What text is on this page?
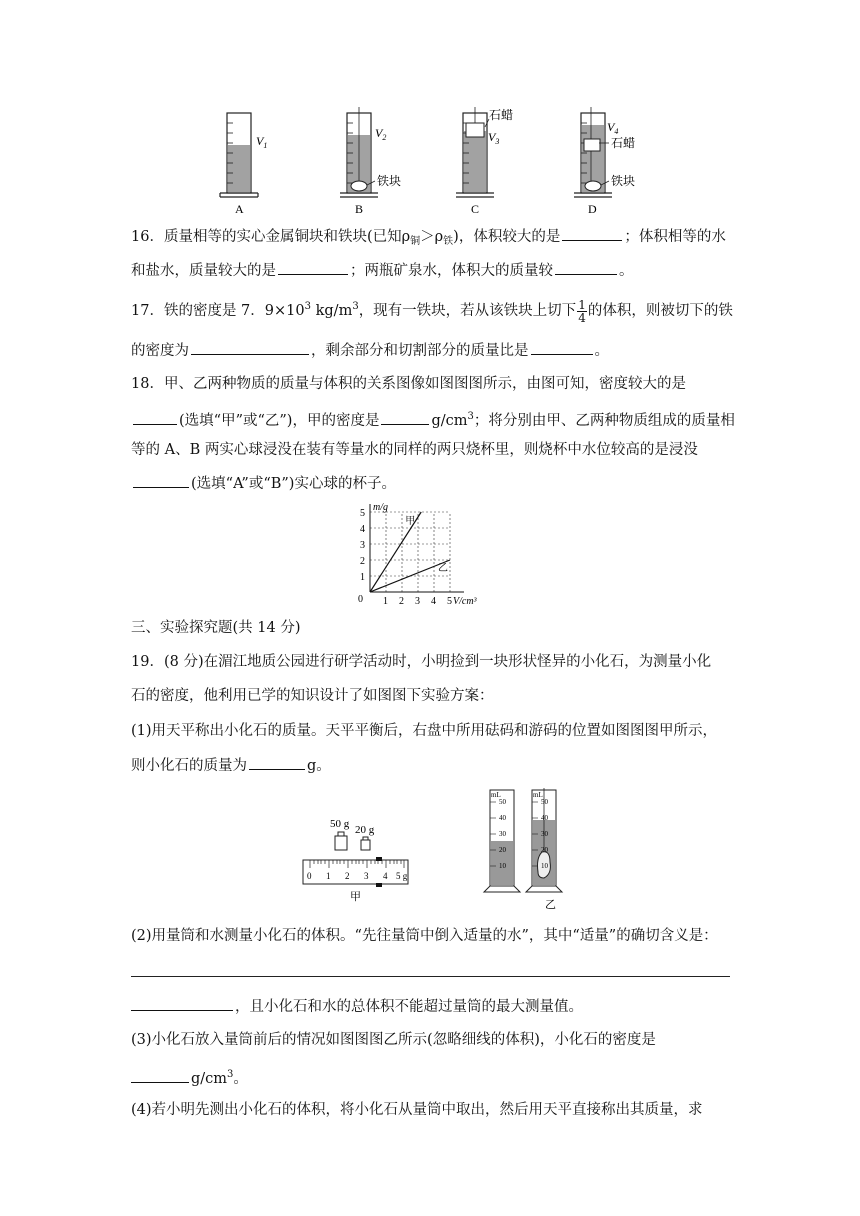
$V_1$
$V_2$
铁块
石蜡
$V_3$
$V_4$
石蜡
铁块
A	B	C	D
16．质量相等的实心金属铜块和铁块(已知$\rho_铜>\rho_铁$)，体积较大的是	；体积相等的水
和盐水，质量较大的是	；两瓶矿泉水，体积大的质量较	。
17．铁的密度是 7．$9\times 10^3$ $kg/m^3$，现有一铁块，若从该铁块上切下 $\frac{1}{4}$ 的体积，则被切下的铁
的密度为	，剩余部分和切割部分的质量比是	。
18．甲、乙两种物质的质量与体积的关系图像如图图图所示，由图可知，密度较大的是
(选填“甲”或“乙”)，甲的密度是	$g/cm^3$；将分别由甲、乙两种物质组成的质量相
等的 A、B 两实心球浸没在装有等量水的同样的两只烧杯里，则烧杯中水位较高的是浸没
(选填“A”或“B”)实心球的杯子。
1 2 3 4 5
1
2
3
4
5
0
m/g
V/cm³
甲
乙
三、实验探究题(共 14 分)
19．(8 分)在湄江地质公园进行研学活动时，小明捡到一块形状怪异的小化石，为测量小化
石的密度，他利用已学的知识设计了如图图下实验方案：
(1)用天平称出小化石的质量。天平平衡后，右盘中所用砝码和游码的位置如图图图甲所示，
则小化石的质量为	g。
50 g 20 g
0 1 2 3 4 5 g
甲
mL	mL
50
40
30
20
10
50
40
30
20
10
乙
(2)用量筒和水测量小化石的体积。“先往量筒中倒入适量的水”，其中“适量”的确切含义是：
，且小化石和水的总体积不能超过量筒的最大测量值。
(3)小化石放入量筒前后的情况如图图图乙所示(忽略细线的体积)，小化石的密度是
$g/cm^3$。
(4)若小明先测出小化石的体积，将小化石从量筒中取出，然后用天平直接称出其质量，求
